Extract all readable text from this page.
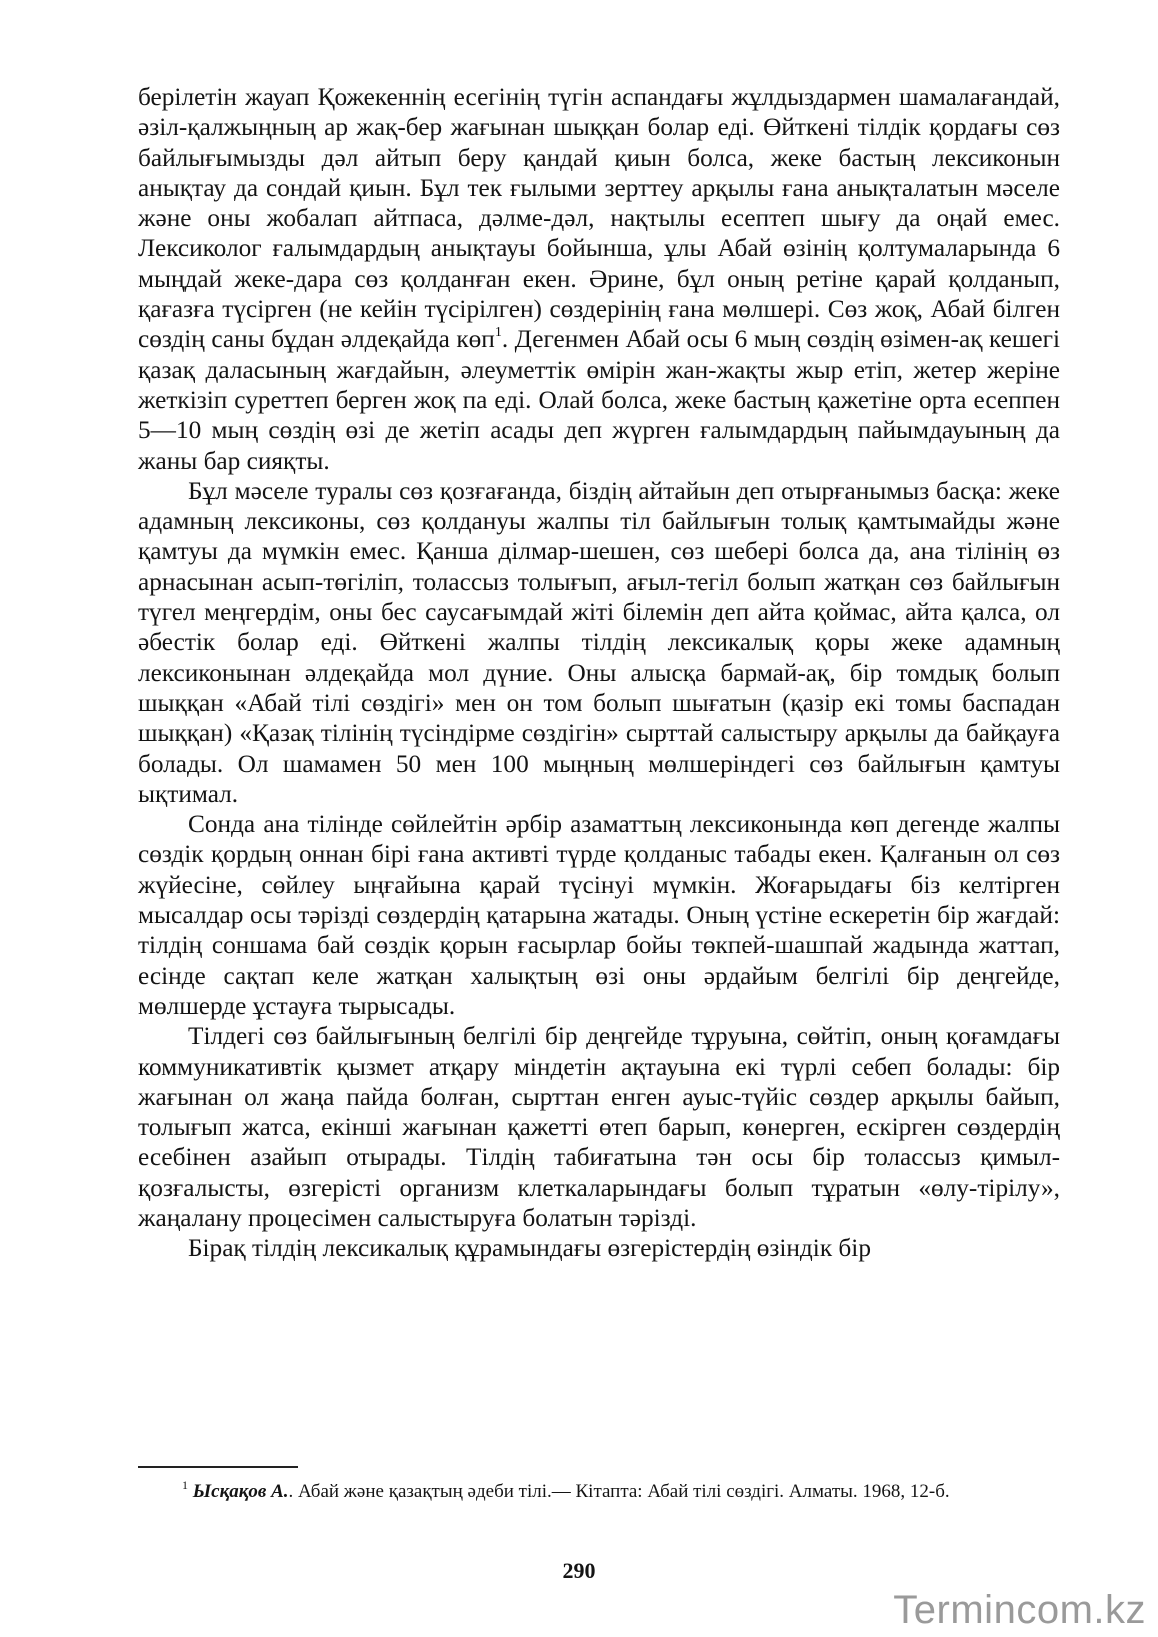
берілетін жауап Қожекеннің есегінің түгін аспандағы жұлдыздармен шамалағандай, әзіл-қалжыңның ар жақ-бер жағынан шыққан болар еді. Өйткені тілдік қордағы сөз байлығымызды дәл айтып беру қандай қиын болса, жеке бастың лексиконын анықтау да сондай қиын. Бұл тек ғылыми зерттеу арқылы ғана анықталатын мәселе және оны жобалап айтпаса, дәлме-дәл, нақтылы есептеп шығу да оңай емес. Лексиколог ғалымдардың анықтауы бойынша, ұлы Абай өзінің қолтумаларында 6 мыңдай жеке-дара сөз қолданған екен. Әрине, бұл оның ретіне қарай қолданып, қағазға түсірген (не кейін түсірілген) сөздерінің ғана мөлшері. Сөз жоқ, Абай білген сөздің саны бұдан әлдеқайда көп$^1$. Дегенмен Абай осы 6 мың сөздің өзімен-ақ кешегі қазақ даласының жағдайын, әлеуметтік өмірін жан-жақты жыр етіп, жетер жеріне жеткізіп суреттеп берген жоқ па еді. Олай болса, жеке бастың қажетіне орта есеппен 5—10 мың сөздің өзі де жетіп асады деп жүрген ғалымдардың пайымдауының да жаны бар сияқты.

Бұл мәселе туралы сөз қозғағанда, біздің айтайын деп отырғанымыз басқа: жеке адамның лексиконы, сөз қолдануы жалпы тіл байлығын толық қамтымайды және қамтуы да мүмкін емес. Қанша ділмар-шешен, сөз шебері болса да, ана тілінің өз арнасынан асып-төгіліп, толассыз толығып, ағыл-тегіл болып жатқан сөз байлығын түгел меңгердім, оны бес саусағымдай жіті білемін деп айта қоймас, айта қалса, ол әбестік болар еді. Өйткені жалпы тілдің лексикалық қоры жеке адамның лексиконынан әлдеқайда мол дүние. Оны алысқа бармай-ақ, бір томдық болып шыққан «Абай тілі сөздігі» мен он том болып шығатын (қазір екі томы баспадан шыққан) «Қазақ тілінің түсіндірме сөздігін» сырттай салыстыру арқылы да байқауға болады. Ол шамамен 50 мен 100 мыңның мөлшеріндегі сөз байлығын қамтуы ықтимал.

Сонда ана тілінде сөйлейтін әрбір азаматтың лексиконында көп дегенде жалпы сөздік қордың оннан бірі ғана активті түрде қолданыс табады екен. Қалғанын ол сөз жүйесіне, сөйлеу ыңғайына қарай түсінуі мүмкін. Жоғарыдағы біз келтірген мысалдар осы тәрізді сөздердің қатарына жатады. Оның үстіне ескеретін бір жағдай: тілдің соншама бай сөздік қорын ғасырлар бойы төкпей-шашпай жадында жаттап, есінде сақтап келе жатқан халықтың өзі оны әрдайым белгілі бір деңгейде, мөлшерде ұстауға тырысады.

Тілдегі сөз байлығының белгілі бір деңгейде тұруына, сөйтіп, оның қоғамдағы коммуникативтік қызмет атқару міндетін ақтауына екі түрлі себеп болады: бір жағынан ол жаңа пайда болған, сырттан енген ауыс-түйіс сөздер арқылы байып, толығып жатса, екінші жағынан қажетті өтеп барып, көнерген, ескірген сөздердің есебінен азайып отырады. Тілдің табиғатына тән осы бір толассыз қимыл-қозғалысты, өзгерісті организм клеткаларындағы болып тұратын «өлу-тірілу», жаңалану процесімен салыстыруға болатын тәрізді.

Бірақ тілдің лексикалық құрамындағы өзгерістердің өзіндік бір

$^1$ Ысқақов А.. Абай және қазақтың әдеби тілі.— Кітапта: Абай тілі сөздігі. Алматы. 1968, 12-б.
290
Termincom.kz
